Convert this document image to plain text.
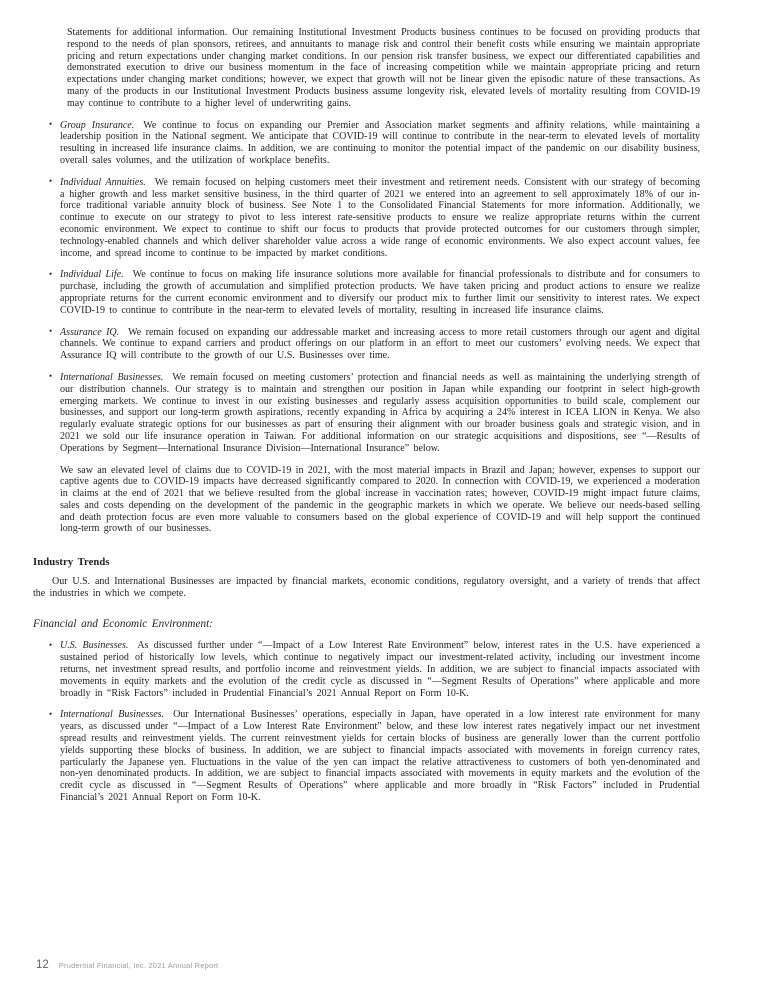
Statements for additional information. Our remaining Institutional Investment Products business continues to be focused on providing products that respond to the needs of plan sponsors, retirees, and annuitants to manage risk and control their benefit costs while ensuring we maintain appropriate pricing and return expectations under changing market conditions. In our pension risk transfer business, we expect our differentiated capabilities and demonstrated execution to drive our business momentum in the face of increasing competition while we maintain appropriate pricing and return expectations under changing market conditions; however, we expect that growth will not be linear given the episodic nature of these transactions. As many of the products in our Institutional Investment Products business assume longevity risk, elevated levels of mortality resulting from COVID-19 may continue to contribute to a higher level of underwriting gains.

• Group Insurance. We continue to focus on expanding our Premier and Association market segments and affinity relations, while maintaining a leadership position in the National segment. We anticipate that COVID-19 will continue to contribute in the near-term to elevated levels of mortality resulting in increased life insurance claims. In addition, we are continuing to monitor the potential impact of the pandemic on our disability business, overall sales volumes, and the utilization of workplace benefits.
• Individual Annuities. We remain focused on helping customers meet their investment and retirement needs. Consistent with our strategy of becoming a higher growth and less market sensitive business, in the third quarter of 2021 we entered into an agreement to sell approximately 18% of our in-force traditional variable annuity block of business. See Note 1 to the Consolidated Financial Statements for more information. Additionally, we continue to execute on our strategy to pivot to less interest rate-sensitive products to ensure we realize appropriate returns within the current economic environment. We expect to continue to shift our focus to products that provide protected outcomes for our customers through simpler, technology-enabled channels and which deliver shareholder value across a wide range of economic environments. We also expect account values, fee income, and spread income to continue to be impacted by market conditions.
• Individual Life. We continue to focus on making life insurance solutions more available for financial professionals to distribute and for consumers to purchase, including the growth of accumulation and simplified protection products. We have taken pricing and product actions to ensure we realize appropriate returns for the current economic environment and to diversify our product mix to further limit our sensitivity to interest rates. We expect COVID-19 to continue to contribute in the near-term to elevated levels of mortality, resulting in increased life insurance claims.
• Assurance IQ. We remain focused on expanding our addressable market and increasing access to more retail customers through our agent and digital channels. We continue to expand carriers and product offerings on our platform in an effort to meet our customers’ evolving needs. We expect that Assurance IQ will contribute to the growth of our U.S. Businesses over time.
• International Businesses. We remain focused on meeting customers’ protection and financial needs as well as maintaining the underlying strength of our distribution channels. Our strategy is to maintain and strengthen our position in Japan while expanding our footprint in select high-growth emerging markets. We continue to invest in our existing businesses and regularly assess acquisition opportunities to build scale, complement our businesses, and support our long-term growth aspirations, recently expanding in Africa by acquiring a 24% interest in ICEA LION in Kenya. We also regularly evaluate strategic options for our businesses as part of ensuring their alignment with our broader business goals and strategic vision, and in 2021 we sold our life insurance operation in Taiwan. For additional information on our strategic acquisitions and dispositions, see “—Results of Operations by Segment—International Insurance Division—International Insurance” below.

We saw an elevated level of claims due to COVID-19 in 2021, with the most material impacts in Brazil and Japan; however, expenses to support our captive agents due to COVID-19 impacts have decreased significantly compared to 2020. In connection with COVID-19, we experienced a moderation in claims at the end of 2021 that we believe resulted from the global increase in vaccination rates; however, COVID-19 might impact future claims, sales and costs depending on the development of the pandemic in the geographic markets in which we operate. We believe our needs-based selling and death protection focus are even more valuable to consumers based on the global experience of COVID-19 and will help support the continued long-term growth of our businesses.

Industry Trends

Our U.S. and International Businesses are impacted by financial markets, economic conditions, regulatory oversight, and a variety of trends that affect the industries in which we compete.

Financial and Economic Environment:
• U.S. Businesses. As discussed further under “—Impact of a Low Interest Rate Environment” below, interest rates in the U.S. have experienced a sustained period of historically low levels, which continue to negatively impact our investment-related activity, including our investment income returns, net investment spread results, and portfolio income and reinvestment yields. In addition, we are subject to financial impacts associated with movements in equity markets and the evolution of the credit cycle as discussed in “—Segment Results of Operations” where applicable and more broadly in “Risk Factors” included in Prudential Financial’s 2021 Annual Report on Form 10-K.
• International Businesses. Our International Businesses’ operations, especially in Japan, have operated in a low interest rate environment for many years, as discussed under “—Impact of a Low Interest Rate Environment” below, and these low interest rates negatively impact our net investment spread results and reinvestment yields. The current reinvestment yields for certain blocks of business are generally lower than the current portfolio yields supporting these blocks of business. In addition, we are subject to financial impacts associated with movements in foreign currency rates, particularly the Japanese yen. Fluctuations in the value of the yen can impact the relative attractiveness to customers of both yen-denominated and non-yen denominated products. In addition, we are subject to financial impacts associated with movements in equity markets and the evolution of the credit cycle as discussed in “—Segment Results of Operations” where applicable and more broadly in “Risk Factors” included in Prudential Financial’s 2021 Annual Report on Form 10-K.
12 Prudential Financial, Inc. 2021 Annual Report
